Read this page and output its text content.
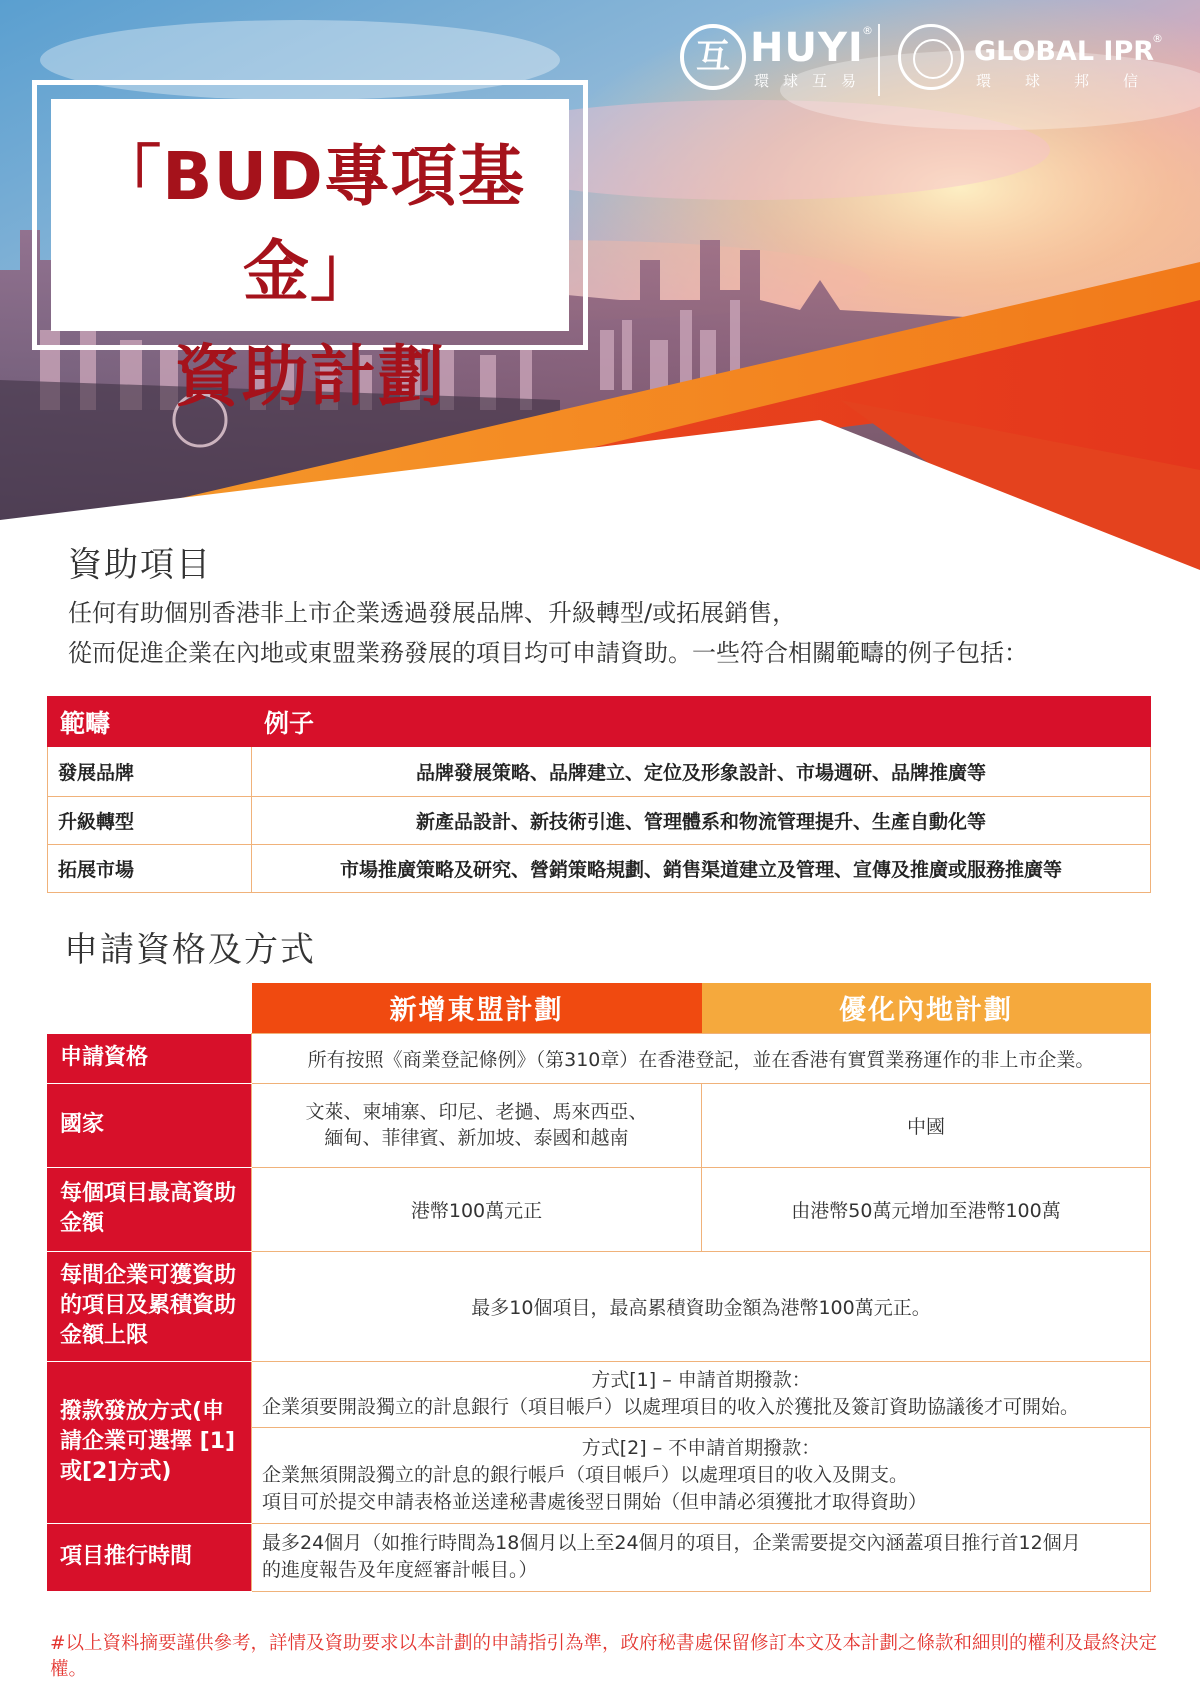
互 HUYI
®
環球互易
GLOBAL IPR
®
環球邦信
「BUD專項基金」
資助計劃
資助項目
任何有助個別香港非上市企業透過發展品牌、升級轉型/或拓展銷售，
從而促進企業在內地或東盟業務發展的項目均可申請資助。一些符合相關範疇的例子包括：
範疇	例子
發展品牌	品牌發展策略、品牌建立、定位及形象設計、市場週研、品牌推廣等
升級轉型	新產品設計、新技術引進、管理體系和物流管理提升、生產自動化等
拓展市場	市場推廣策略及研究、營銷策略規劃、銷售渠道建立及管理、宣傳及推廣或服務推廣等
申請資格及方式
	新增東盟計劃	優化內地計劃
申請資格	所有按照《商業登記條例》（第310章）在香港登記，並在香港有實質業務運作的非上市企業。	
國家	文萊、柬埔寨、印尼、老撾、馬來西亞、
緬甸、菲律賓、新加坡、泰國和越南	中國
每個項目最高資助金額	港幣100萬元正	由港幣50萬元增加至港幣100萬
每間企業可獲資助的項目及累積資助金額上限	最多10個項目，最高累積資助金額為港幣100萬元正。	
撥款發放方式(申請企業可選擇 [1]或[2]方式)	方式[1] – 申請首期撥款：
企業須要開設獨立的計息銀行（項目帳戶）以處理項目的收入於獲批及簽訂資助協議後才可開始。	

	方式[2] – 不申請首期撥款：
企業無須開設獨立的計息的銀行帳戶（項目帳戶）以處理項目的收入及開支。
項目可於提交申請表格並送達秘書處後翌日開始（但申請必須獲批才取得資助）	

項目推行時間	最多24個月（如推行時間為18個月以上至24個月的項目，企業需要提交內涵蓋項目推行首12個月
的進度報告及年度經審計帳目。）	
#以上資料摘要謹供參考，詳情及資助要求以本計劃的申請指引為準，政府秘書處保留修訂本文及本計劃之條款和細則的權利及最終決定權。
